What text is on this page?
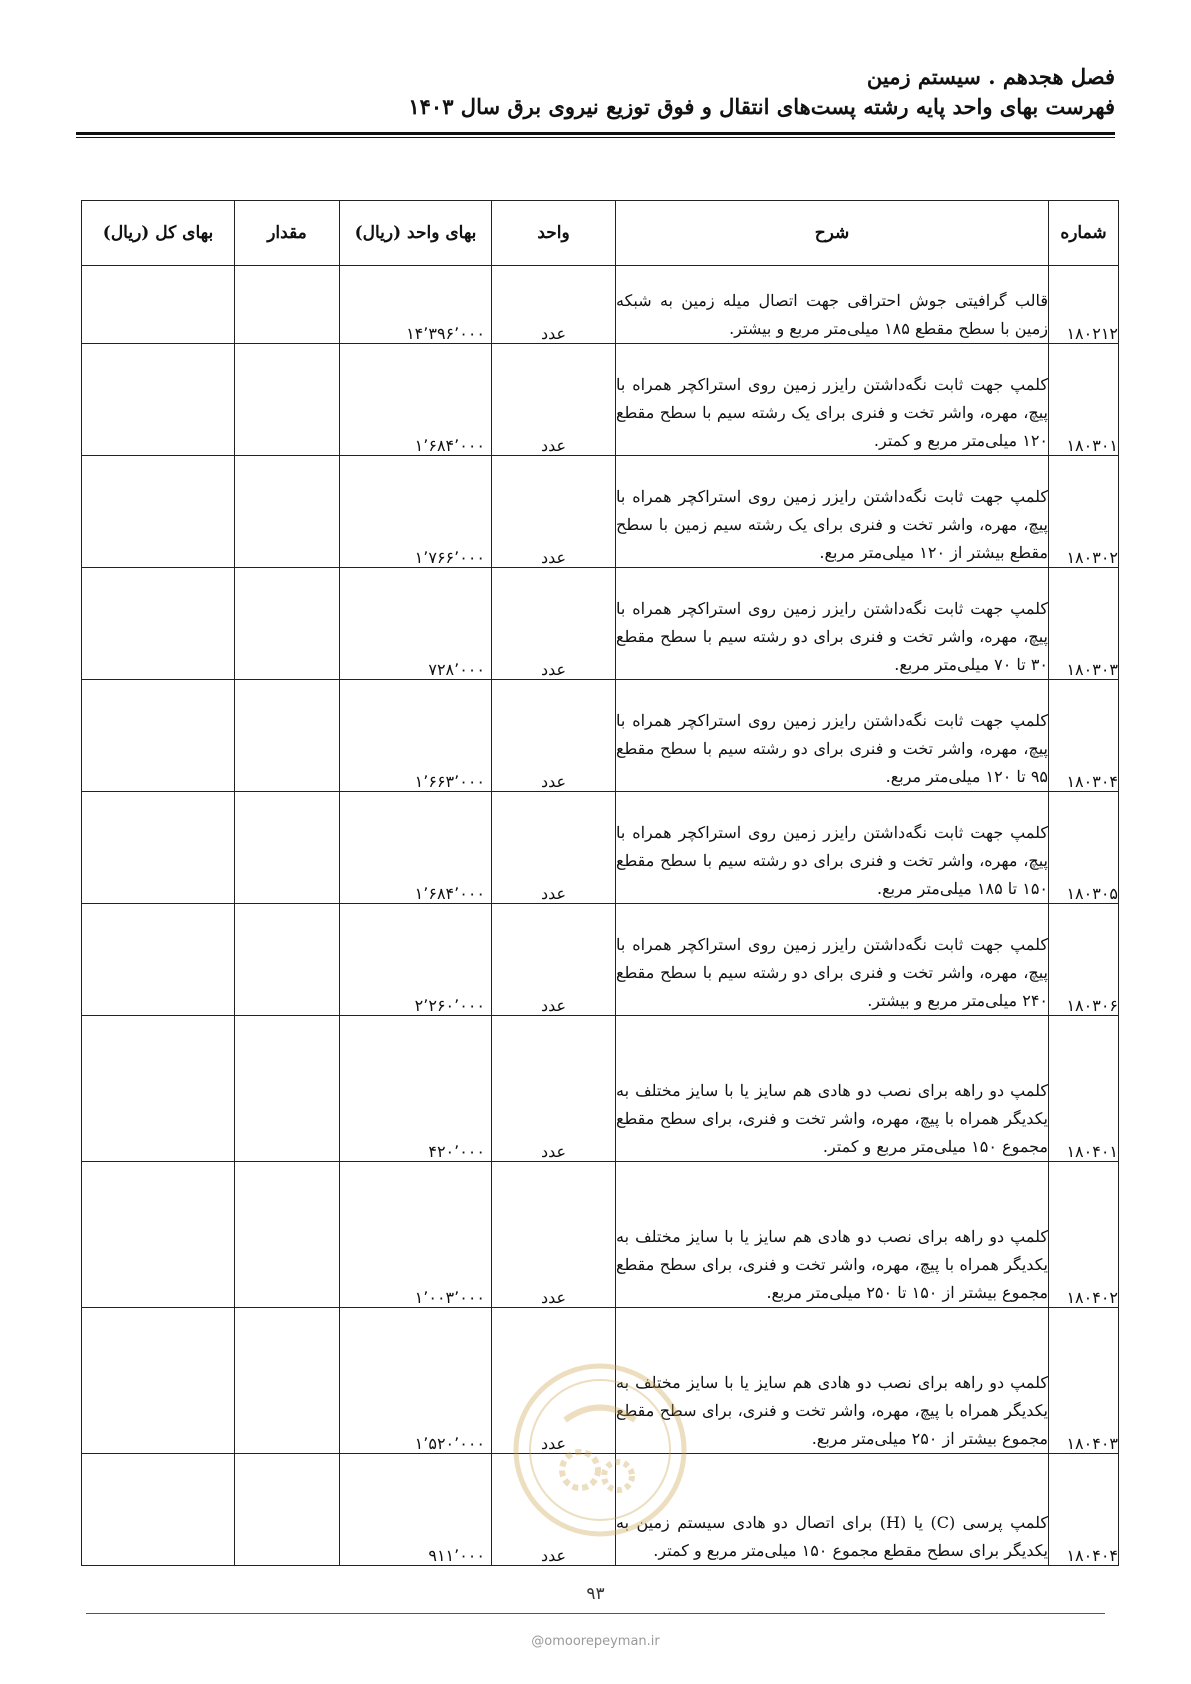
فصل هجدهم . سیستم زمین

فهرست بهای واحد پایه رشته پست‌های انتقال و فوق توزیع نیروی برق سال ۱۴۰۳

شماره	شرح	واحد	بهای واحد (ریال)	مقدار	بهای کل (ریال)
۱۸۰۲۱۲	قالب گرافیتی جوش احتراقی جهت اتصال میله زمین به شبکه زمین با سطح مقطع ۱۸۵ میلی‌متر مربع و بیشتر.	عدد	۱۴٬۳۹۶٬۰۰۰		

۱۸۰۳۰۱	کلمپ جهت ثابت نگه‌داشتن رایزر زمین روی استراکچر همراه با پیچ، مهره، واشر تخت و فنری برای یک رشته سیم با سطح مقطع ۱۲۰ میلی‌متر مربع و کمتر.	عدد	۱٬۶۸۴٬۰۰۰		

۱۸۰۳۰۲	کلمپ جهت ثابت نگه‌داشتن رایزر زمین روی استراکچر همراه با پیچ، مهره، واشر تخت و فنری برای یک رشته سیم زمین با سطح مقطع بیشتر از ۱۲۰ میلی‌متر مربع.	عدد	۱٬۷۶۶٬۰۰۰		

۱۸۰۳۰۳	کلمپ جهت ثابت نگه‌داشتن رایزر زمین روی استراکچر همراه با پیچ، مهره، واشر تخت و فنری برای دو رشته سیم با سطح مقطع ۳۰ تا ۷۰ میلی‌متر مربع.	عدد	۷۲۸٬۰۰۰		

۱۸۰۳۰۴	کلمپ جهت ثابت نگه‌داشتن رایزر زمین روی استراکچر همراه با پیچ، مهره، واشر تخت و فنری برای دو رشته سیم با سطح مقطع ۹۵ تا ۱۲۰ میلی‌متر مربع.	عدد	۱٬۶۶۳٬۰۰۰		

۱۸۰۳۰۵	کلمپ جهت ثابت نگه‌داشتن رایزر زمین روی استراکچر همراه با پیچ، مهره، واشر تخت و فنری برای دو رشته سیم با سطح مقطع ۱۵۰ تا ۱۸۵ میلی‌متر مربع.	عدد	۱٬۶۸۴٬۰۰۰		

۱۸۰۳۰۶	کلمپ جهت ثابت نگه‌داشتن رایزر زمین روی استراکچر همراه با پیچ، مهره، واشر تخت و فنری برای دو رشته سیم با سطح مقطع ۲۴۰ میلی‌متر مربع و بیشتر.	عدد	۲٬۲۶۰٬۰۰۰		

۱۸۰۴۰۱	کلمپ دو راهه برای نصب دو هادی هم سایز یا با سایز مختلف به یکدیگر همراه با پیچ، مهره، واشر تخت و فنری، برای سطح مقطع مجموع ۱۵۰ میلی‌متر مربع و کمتر.	عدد	۴۲۰٬۰۰۰		

۱۸۰۴۰۲	کلمپ دو راهه برای نصب دو هادی هم سایز یا با سایز مختلف به یکدیگر همراه با پیچ، مهره، واشر تخت و فنری، برای سطح مقطع مجموع بیشتر از ۱۵۰ تا ۲۵۰ میلی‌متر مربع.	عدد	۱٬۰۰۳٬۰۰۰		

۱۸۰۴۰۳	کلمپ دو راهه برای نصب دو هادی هم سایز یا با سایز مختلف به یکدیگر همراه با پیچ، مهره، واشر تخت و فنری، برای سطح مقطع مجموع بیشتر از ۲۵۰ میلی‌متر مربع.	عدد	۱٬۵۲۰٬۰۰۰		

۱۸۰۴۰۴	کلمپ پرسی (C) یا (H) برای اتصال دو هادی سیستم زمین به یکدیگر برای سطح مقطع مجموع ۱۵۰ میلی‌متر مربع و کمتر.	عدد	۹۱۱٬۰۰۰		

۹۳
@omoorepeyman.ir
